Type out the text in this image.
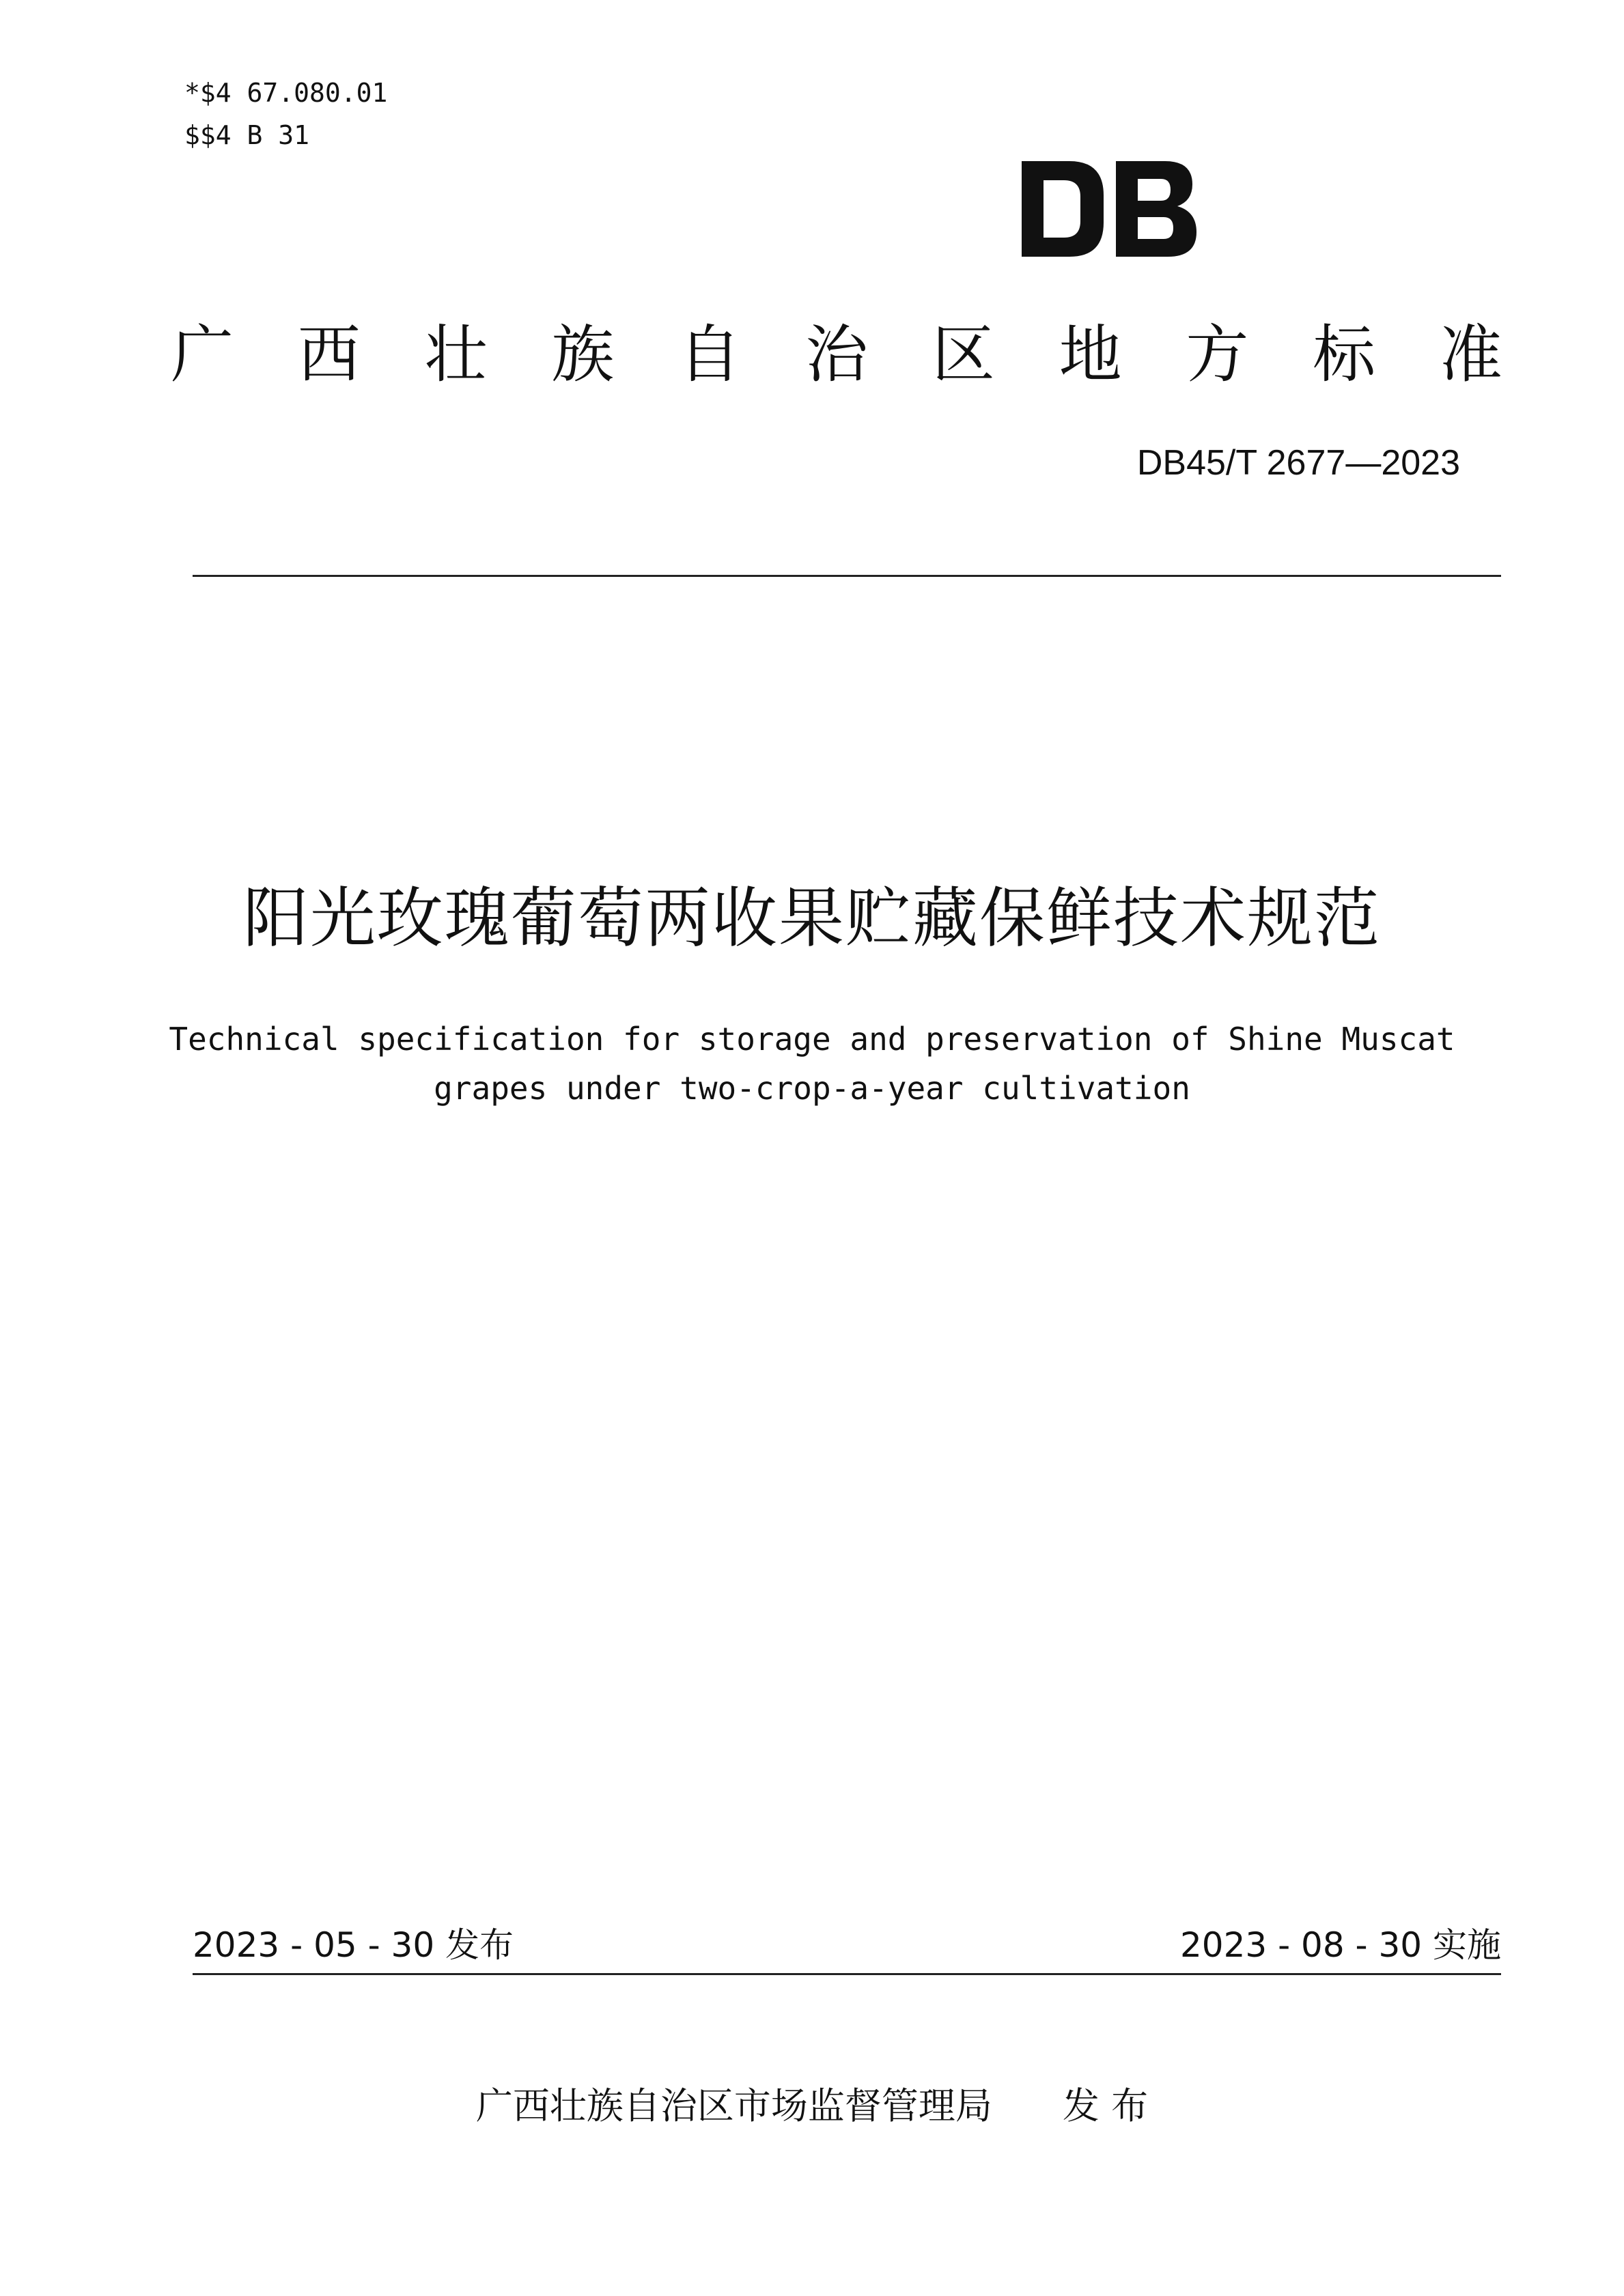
*$4 67.080.01
$$4 B 31
广 西 壮 族 自 治 区 地 方 标 准
DB45/T 2677—2023
阳光玫瑰葡萄两收果贮藏保鲜技术规范
Technical specification for storage and preservation of Shine Muscat
grapes under two-crop-a-year cultivation
2023 - 05 - 30 发布	2023 - 08 - 30 实施
广西壮族自治区市场监督管理局      发 布
